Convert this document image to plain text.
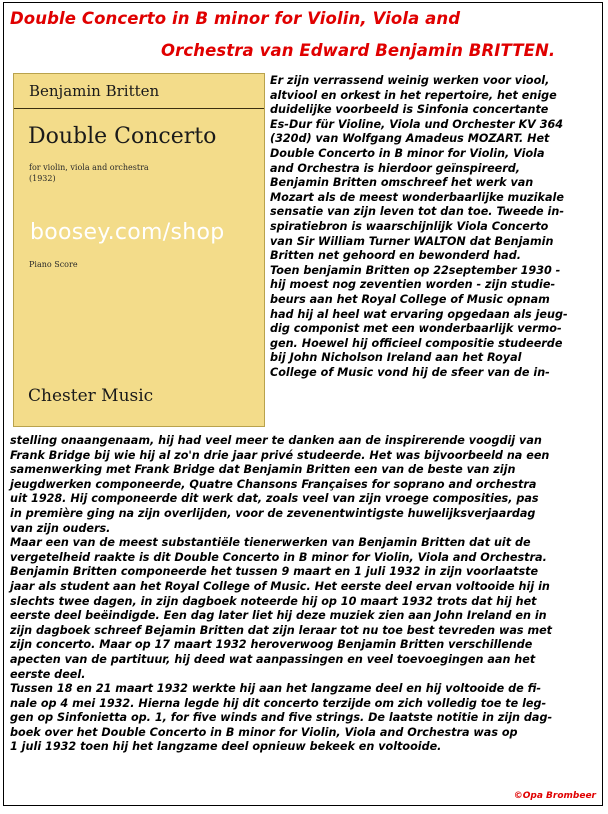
Double Concerto in B minor for Violin, Viola and
Orchestra van Edward Benjamin BRITTEN.
Benjamin Britten
Double Concerto
for violin, viola and orchestra
(1932)
boosey.com/shop
Piano Score
Chester Music
Er zijn verrassend weinig werken voor viool,
altviool en orkest in het repertoire, het enige
duidelijke voorbeeld is Sinfonia concertante
Es-Dur für Violine, Viola und Orchester KV 364
(320d) van Wolfgang Amadeus MOZART. Het
Double Concerto in B minor for Violin, Viola
and Orchestra is hierdoor geïnspireerd,
Benjamin Britten omschreef het werk van
Mozart als de meest wonderbaarlijke muzikale
sensatie van zijn leven tot dan toe. Tweede in-
spiratiebron is waarschijnlijk Viola Concerto
van Sir William Turner WALTON dat Benjamin
Britten net gehoord en bewonderd had.
Toen benjamin Britten op 22september 1930 -
hij moest nog zeventien worden - zijn studie-
beurs aan het Royal College of Music opnam
had hij al heel wat ervaring opgedaan als jeug-
dig componist met een wonderbaarlijk vermo-
gen. Hoewel hij officieel compositie studeerde
bij John Nicholson Ireland aan het Royal
College of Music vond hij de sfeer van de in-
stelling onaangenaam, hij had veel meer te danken aan de inspirerende voogdij van
Frank Bridge bij wie hij al zo'n drie jaar privé studeerde. Het was bijvoorbeeld na een
samenwerking met Frank Bridge dat Benjamin Britten een van de beste van zijn
jeugdwerken componeerde, Quatre Chansons Françaises for soprano and orchestra
uit 1928. Hij componeerde dit werk dat, zoals veel van zijn vroege composities, pas
in première ging na zijn overlijden, voor de zevenentwintigste huwelijksverjaardag
van zijn ouders.
Maar een van de meest substantiële tienerwerken van Benjamin Britten dat uit de
vergetelheid raakte is dit Double Concerto in B minor for Violin, Viola and Orchestra.
Benjamin Britten componeerde het tussen 9 maart en 1 juli 1932 in zijn voorlaatste
jaar als student aan het Royal College of Music. Het eerste deel ervan voltooide hij in
slechts twee dagen, in zijn dagboek noteerde hij op 10 maart 1932 trots dat hij het
eerste deel beëindigde. Een dag later liet hij deze muziek zien aan John Ireland en in
zijn dagboek schreef Bejamin Britten dat zijn leraar tot nu toe best tevreden was met
zijn concerto. Maar op 17 maart 1932 heroverwoog Benjamin Britten verschillende
apecten van de partituur, hij deed wat aanpassingen en veel toevoegingen aan het
eerste deel.
Tussen 18 en 21 maart 1932 werkte hij aan het langzame deel en hij voltooide de fi-
nale op 4 mei 1932. Hierna legde hij dit concerto terzijde om zich volledig toe te leg-
gen op Sinfonietta op. 1, for five winds and five strings. De laatste notitie in zijn dag-
boek over het Double Concerto in B minor for Violin, Viola and Orchestra was op
1 juli 1932 toen hij het langzame deel opnieuw bekeek en voltooide.
©Opa Brombeer
